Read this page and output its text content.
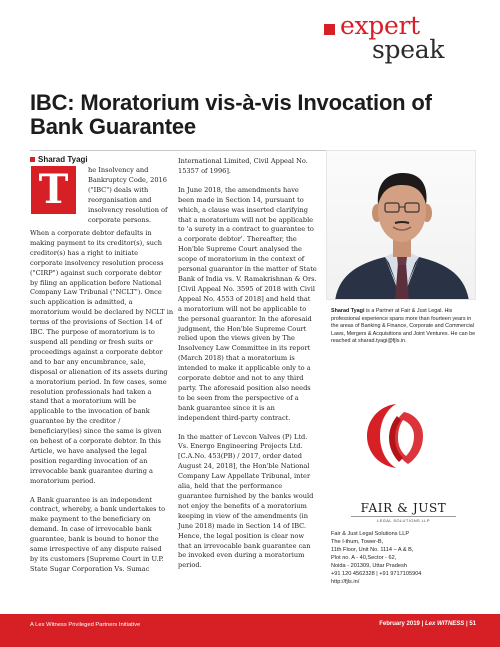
expert
speak
IBC: Moratorium vis-à-vis Invocation of Bank Guarantee
Sharad Tyagi
T	he Insolvency and
Bankruptcy Code, 2016
("IBC") deals with
reorganisation and
insolvency resolution of
corporate persons.

When a corporate debtor defaults in
making payment to its creditor(s), such
creditor(s) has a right to initiate
corporate insolvency resolution process
("CIRP") against such corporate debtor
by filing an application before National
Company Law Tribunal ("NCLT"). Once
such application is admitted, a
moratorium would be declared by NCLT in
terms of the provisions of Section 14 of
IBC. The purpose of moratorium is to
suspend all pending or fresh suits or
proceedings against a corporate debtor
and to bar any encumbrance, sale,
disposal or alienation of its assets during
a moratorium period. In few cases, some
resolution professionals had taken a
stand that a moratorium will be
applicable to the invocation of bank
guarantee by the creditor /
beneficiary(ies) since the same is given
on behest of a corporate debtor. In this
Article, we have analysed the legal
position regarding invocation of an
irrevocable bank guarantee during a
moratorium period.

A Bank guarantee is an independent
contract, whereby, a bank undertakes to
make payment to the beneficiary on
demand. In case of irrevocable bank
guarantee, bank is bound to honor the
same irrespective of any dispute raised
by its customers [Supreme Court in U.P.
State Sugar Corporation Vs. Sumac

International Limited, Civil Appeal No.
15357 of 1996].

In June 2018, the amendments have
been made in Section 14, pursuant to
which, a clause was inserted clarifying
that a moratorium will not be applicable
to 'a surety in a contract to guarantee to
a corporate debtor'. Thereafter, the
Hon'ble Supreme Court analysed the
scope of moratorium in the context of
personal guarantor in the matter of State
Bank of India vs. V. Ramakrishnan & Ors.
[Civil Appeal No. 3595 of 2018 with Civil
Appeal No. 4553 of 2018] and held that
a moratorium will not be applicable to
the personal guarantor. In the aforesaid
judgment, the Hon'ble Supreme Court
relied upon the views given by The
Insolvency Law Committee in its report
(March 2018) that a moratorium is
intended to make it applicable only to a
corporate debtor and not to any third
party. The aforesaid position also needs
to be seen from the perspective of a
bank guarantee since it is an
independent third-party contract.

In the matter of Levcon Valves (P) Ltd.
Vs. Energo Engineering Projects Ltd.
[C.A.No. 453(PB) / 2017, order dated
August 24, 2018], the Hon'ble National
Company Law Appellate Tribunal, inter
alia, held that the performance
guarantee furnished by the banks would
not enjoy the benefits of a moratorium
keeping in view of the amendments (in
June 2018) made in Section 14 of IBC.
Hence, the legal position is clear now
that an irrevocable bank guarantee can
be invoked even during a moratorium
period.

Sharad Tyagi is a Partner at Fair & Just Legal. His professional experience spans more than fourteen years in the areas of Banking & Finance, Corporate and Commercial Laws, Mergers & Acquisitions and Joint Ventures. He can be reached at sharad.tyagi@fjls.in.
FAIR & JUST
LEGAL SOLUTIONS LLP
Fair & Just Legal Solutions LLP
The I-thum, Tower-B,
11th Floor, Unit No. 1114 – A & B,
Plot no. A - 40,Sector - 62,
Noida - 201309, Uttar Pradesh
+91 120 4562328 | +91 9717105904
http://fjls.in/
A Lex Witness Privileged Partners Initiative	February 2019 | Lex WITNESS | 51
